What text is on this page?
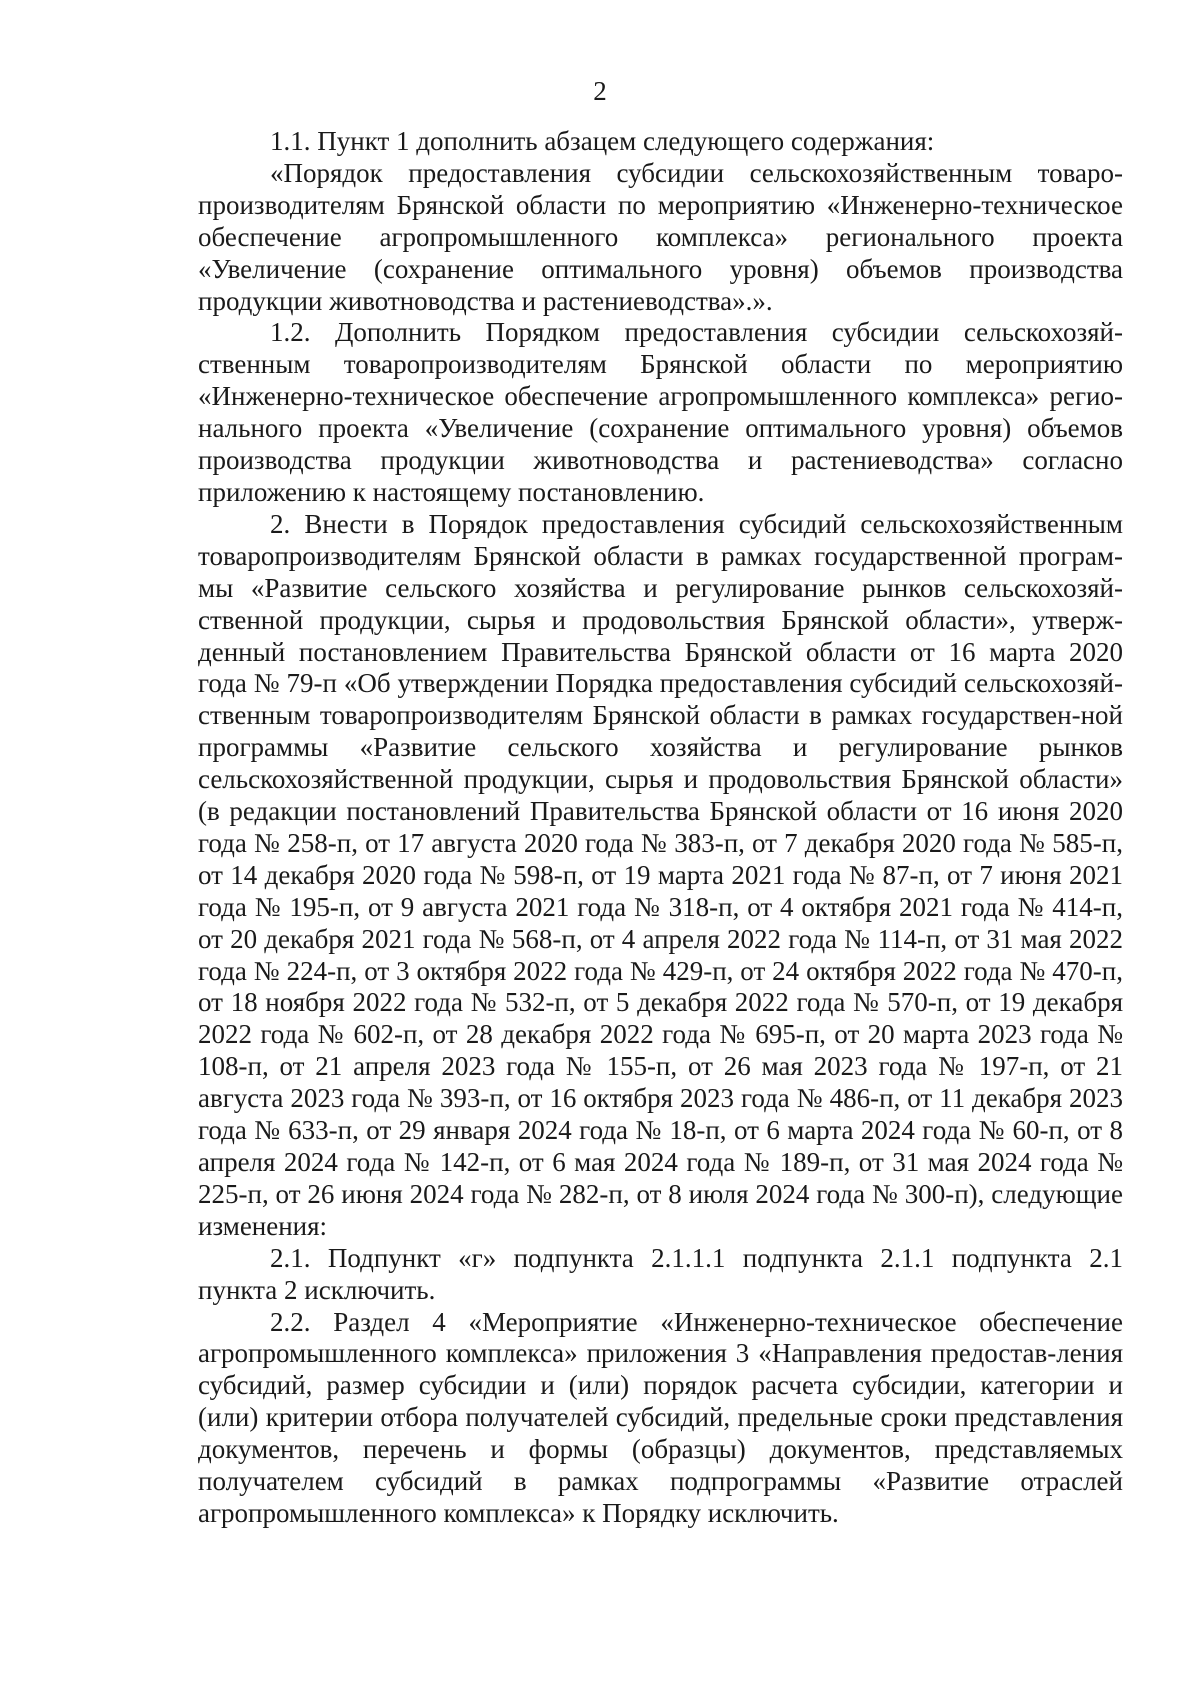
2

1.1. Пункт 1 дополнить абзацем следующего содержания:

«Порядок предоставления субсидии сельскохозяйственным товаро-производителям Брянской области по мероприятию «Инженерно-техническое обеспечение агропромышленного комплекса» регионального проекта «Увеличение (сохранение оптимального уровня) объемов производства продукции животноводства и растениеводства».».

1.2. Дополнить Порядком предоставления субсидии сельскохозяй-ственным товаропроизводителям Брянской области по мероприятию «Инженерно-техническое обеспечение агропромышленного комплекса» регио-нального проекта «Увеличение (сохранение оптимального уровня) объемов производства продукции животноводства и растениеводства» согласно приложению к настоящему постановлению.

2. Внести в Порядок предоставления субсидий сельскохозяйственным товаропроизводителям Брянской области в рамках государственной програм-мы «Развитие сельского хозяйства и регулирование рынков сельскохозяй-ственной продукции, сырья и продовольствия Брянской области», утверж-денный постановлением Правительства Брянской области от 16 марта 2020 года № 79-п «Об утверждении Порядка предоставления субсидий сельскохозяй-ственным товаропроизводителям Брянской области в рамках государствен-ной программы «Развитие сельского хозяйства и регулирование рынков сельскохозяйственной продукции, сырья и продовольствия Брянской области» (в редакции постановлений Правительства Брянской области от 16 июня 2020 года № 258-п, от 17 августа 2020 года № 383-п, от 7 декабря 2020 года № 585-п, от 14 декабря 2020 года № 598-п, от 19 марта 2021 года № 87-п, от 7 июня 2021 года № 195-п, от 9 августа 2021 года № 318-п, от 4 октября 2021 года № 414-п, от 20 декабря 2021 года № 568-п, от 4 апреля 2022 года № 114-п, от 31 мая 2022 года № 224-п, от 3 октября 2022 года № 429-п, от 24 октября 2022 года № 470-п, от 18 ноября 2022 года № 532-п, от 5 декабря 2022 года № 570-п, от 19 декабря 2022 года № 602-п, от 28 декабря 2022 года № 695-п, от 20 марта 2023 года № 108-п, от 21 апреля 2023 года № 155-п, от 26 мая 2023 года № 197-п, от 21 августа 2023 года № 393-п, от 16 октября 2023 года № 486-п, от 11 декабря 2023 года № 633-п, от 29 января 2024 года № 18-п, от 6 марта 2024 года № 60-п, от 8 апреля 2024 года № 142-п, от 6 мая 2024 года № 189-п, от 31 мая 2024 года № 225-п, от 26 июня 2024 года № 282-п, от 8 июля 2024 года № 300-п), следующие изменения:

2.1. Подпункт «г» подпункта 2.1.1.1 подпункта 2.1.1 подпункта 2.1 пункта 2 исключить.

2.2. Раздел 4 «Мероприятие «Инженерно-техническое обеспечение агропромышленного комплекса» приложения 3 «Направления предостав-ления субсидий, размер субсидии и (или) порядок расчета субсидии, категории и (или) критерии отбора получателей субсидий, предельные сроки представления документов, перечень и формы (образцы) документов, представляемых получателем субсидий в рамках подпрограммы «Развитие отраслей агропромышленного комплекса» к Порядку исключить.
